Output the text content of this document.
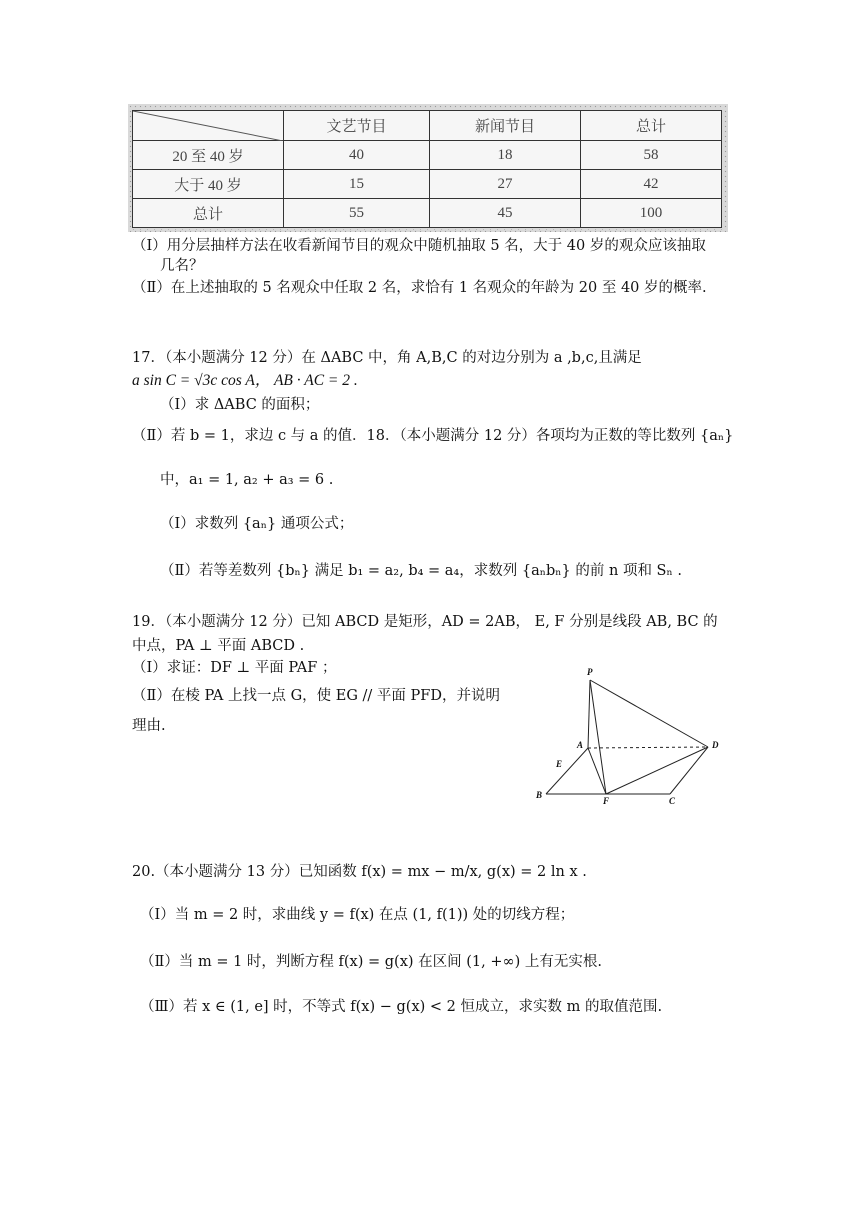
	文艺节目	新闻节目	总计
20 至 40 岁	40	18	58
大于 40 岁	15	27	42
总计	55	45	100
（Ⅰ）用分层抽样方法在收看新闻节目的观众中随机抽取 5 名，大于 40 岁的观众应该抽取
几名？
（Ⅱ）在上述抽取的 5 名观众中任取 2 名，求恰有 1 名观众的年龄为 20 至 40 岁的概率.
17．（本小题满分 12 分）在 ΔABC 中，角 A,B,C 的对边分别为 a ,b,c,且满足
a sin C = √3c cos A， AB · AC = 2 .
（Ⅰ）求 ΔABC 的面积；
（Ⅱ）若 b = 1，求边 c 与 a 的值．18．（本小题满分 12 分）各项均为正数的等比数列 {aₙ}
中，a₁ = 1, a₂ + a₃ = 6 .
（Ⅰ）求数列 {aₙ} 通项公式；
（Ⅱ）若等差数列 {bₙ} 满足 b₁ = a₂, b₄ = a₄，求数列 {aₙbₙ} 的前 n 项和 Sₙ .
19．（本小题满分 12 分）已知 ABCD 是矩形，AD = 2AB， E, F 分别是线段 AB, BC 的
中点，PA ⊥ 平面 ABCD .
（Ⅰ）求证：DF ⊥ 平面 PAF ；
（Ⅱ）在棱 PA 上找一点 G，使 EG // 平面 PFD，并说明
理由.
P
A	D
E
B
F	C
20.（本小题满分 13 分）已知函数 f(x) = mx − m/x, g(x) = 2 ln x .
（Ⅰ）当 m = 2 时，求曲线 y = f(x) 在点 (1, f(1)) 处的切线方程；
（Ⅱ）当 m = 1 时，判断方程 f(x) = g(x) 在区间 (1, +∞) 上有无实根.
（Ⅲ）若 x ∈ (1, e] 时，不等式 f(x) − g(x) < 2 恒成立，求实数 m 的取值范围.
